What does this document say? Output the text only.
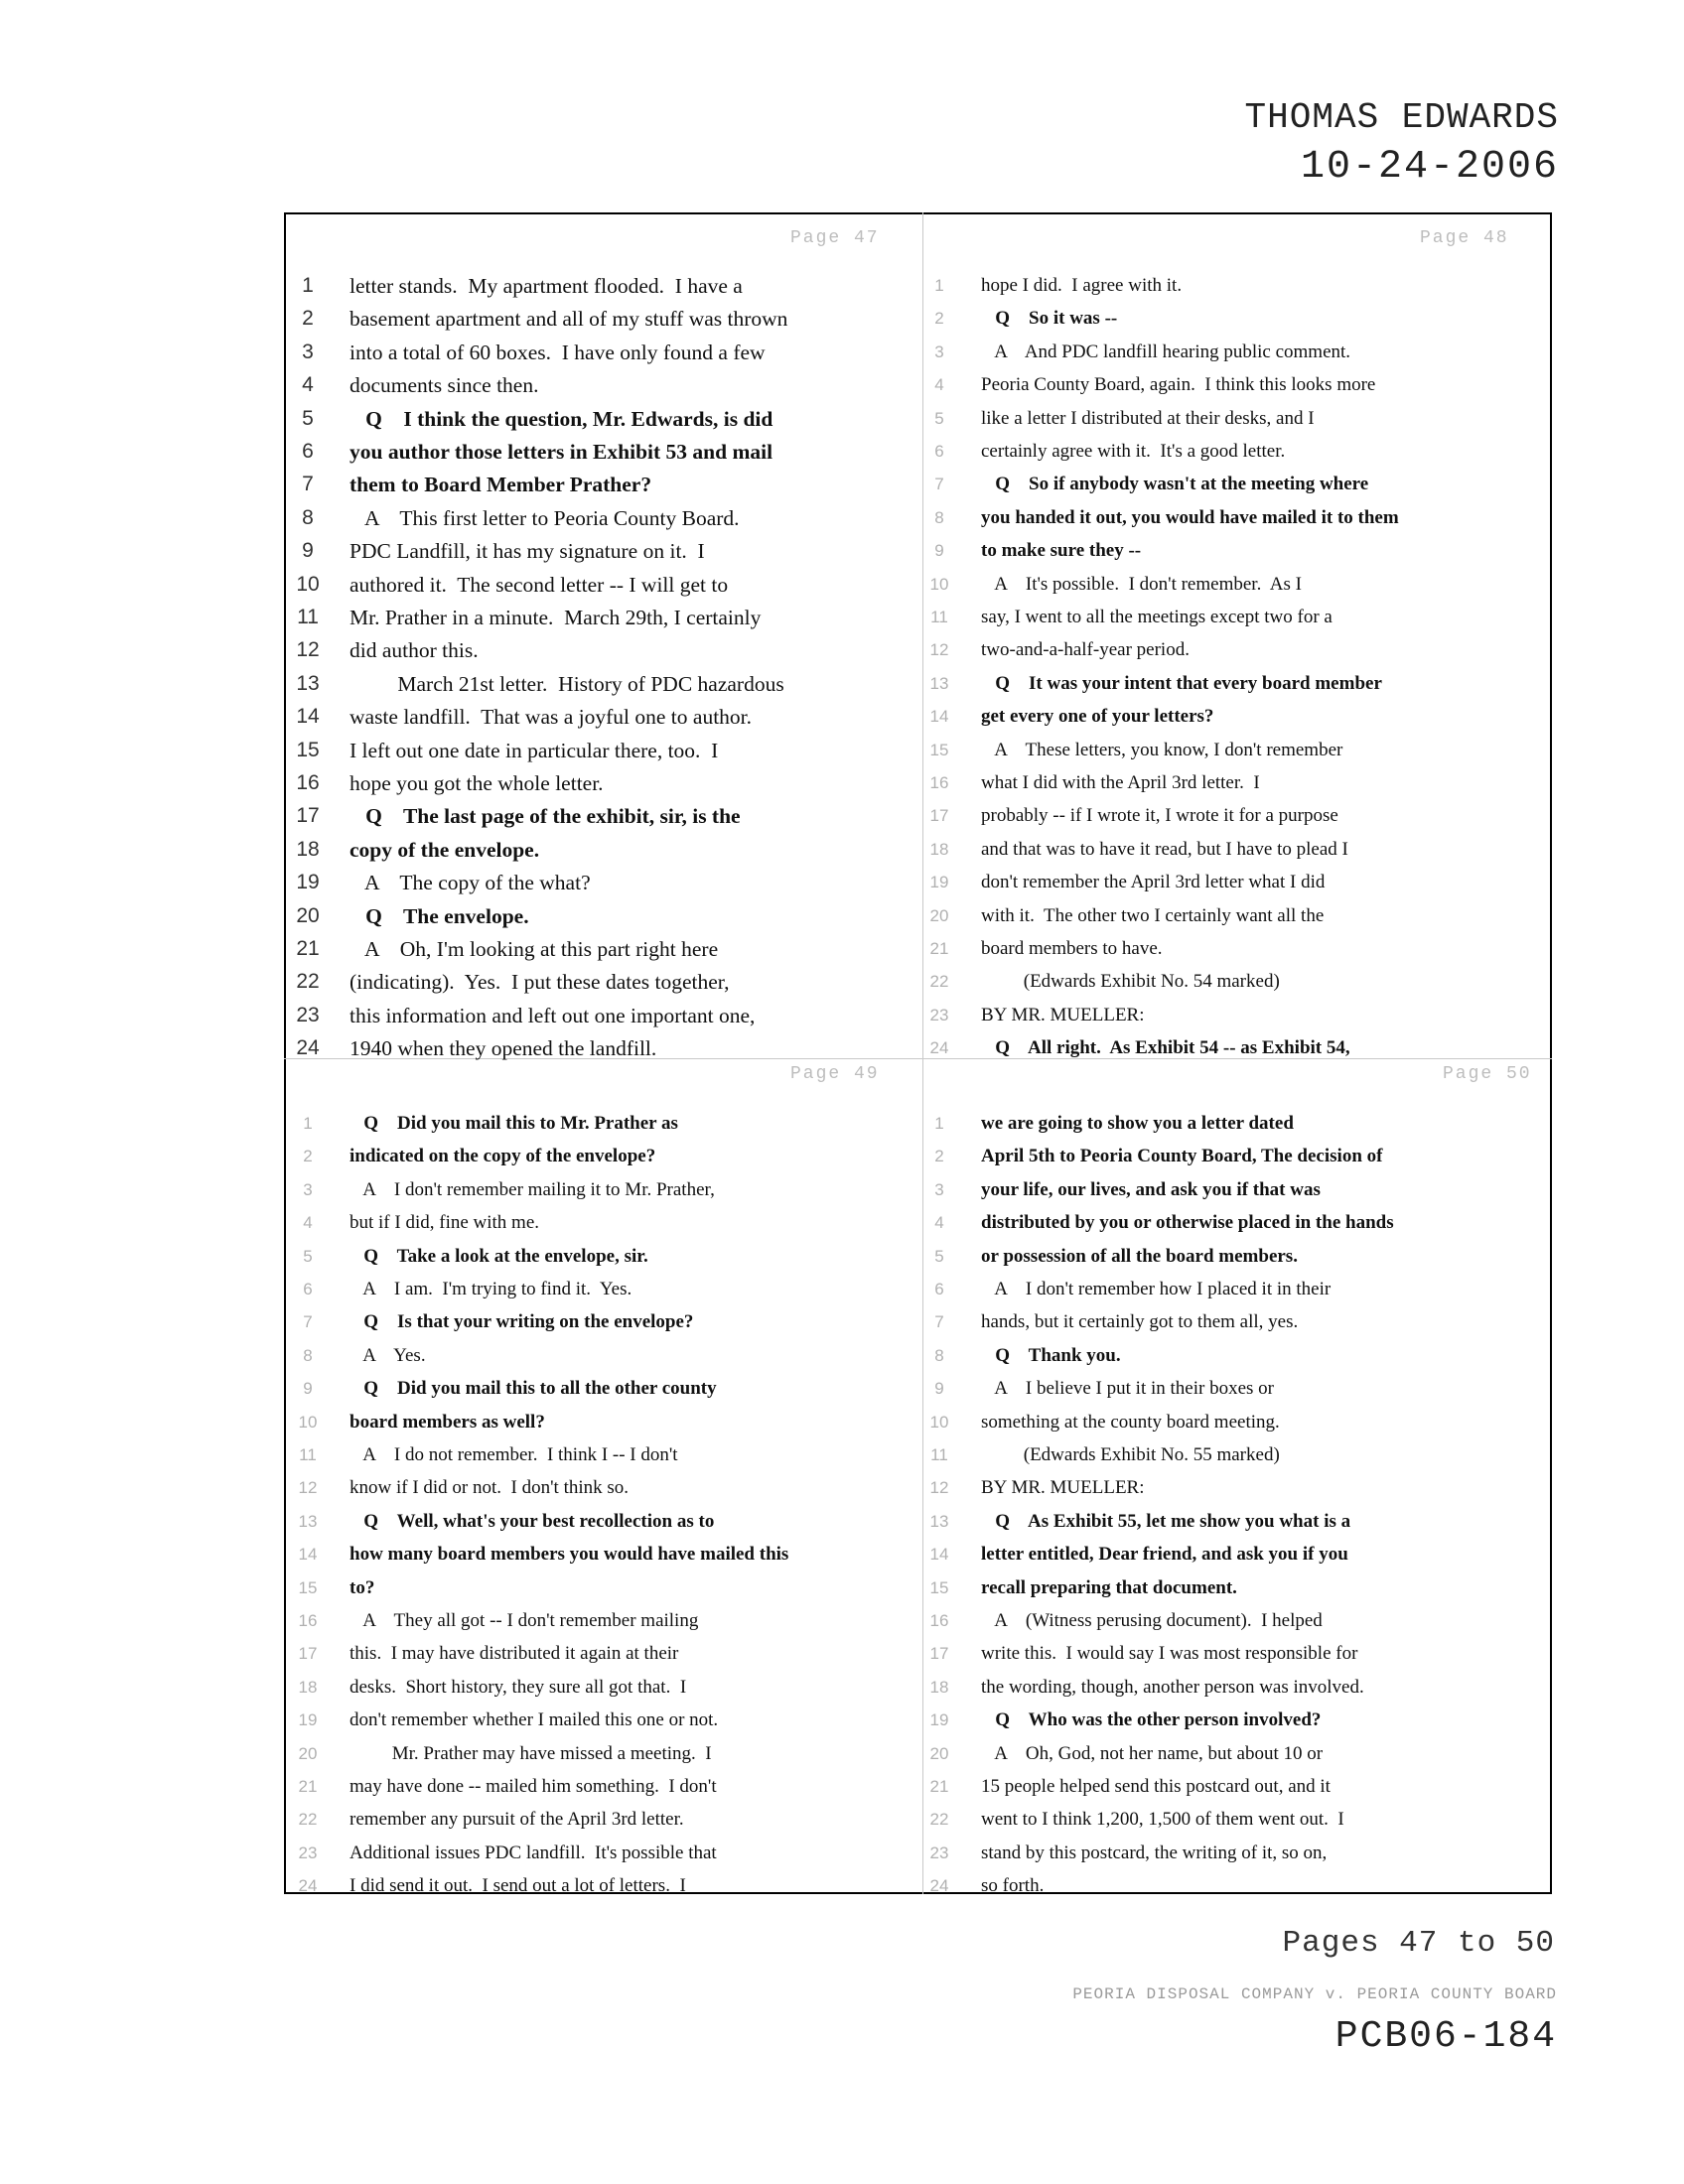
THOMAS EDWARDS
10-24-2006
Page 47	Page 48
Page 49	Page 50
1	letter stands.  My apartment flooded.  I have a
2	basement apartment and all of my stuff was thrown
3	into a total of 60 boxes.  I have only found a few
4	documents since then.
5	Q    I think the question, Mr. Edwards, is did
6	you author those letters in Exhibit 53 and mail
7	them to Board Member Prather?
8	A    This first letter to Peoria County Board.
9	PDC Landfill, it has my signature on it.  I
10 authored it.  The second letter -- I will get to
11 Mr. Prather in a minute.  March 29th, I certainly
12 did author this.
13 March 21st letter.  History of PDC hazardous
14 waste landfill.  That was a joyful one to author.
15 I left out one date in particular there, too.  I
16 hope you got the whole letter.
17 Q    The last page of the exhibit, sir, is the
18 copy of the envelope.
19 A    The copy of the what?
20 Q    The envelope.
21 A    Oh, I'm looking at this part right here
22 (indicating).  Yes.  I put these dates together,
23 this information and left out one important one,
24 1940 when they opened the landfill.
1	hope I did.  I agree with it.
2	Q    So it was --
3	A    And PDC landfill hearing public comment.
4	Peoria County Board, again.  I think this looks more
5	like a letter I distributed at their desks, and I
6	certainly agree with it.  It's a good letter.
7	Q    So if anybody wasn't at the meeting where
8	you handed it out, you would have mailed it to them
9	to make sure they --
10	A    It's possible.  I don't remember.  As I
11	say, I went to all the meetings except two for a
12	two-and-a-half-year period.
13	Q    It was your intent that every board member
14	get every one of your letters?
15	A    These letters, you know, I don't remember
16	what I did with the April 3rd letter.  I
17	probably -- if I wrote it, I wrote it for a purpose
18	and that was to have it read, but I have to plead I
19	don't remember the April 3rd letter what I did
20	with it.  The other two I certainly want all the
21	board members to have.
22	(Edwards Exhibit No. 54 marked)
23	BY MR. MUELLER:
24	Q    All right.  As Exhibit 54 -- as Exhibit 54,
1	Q    Did you mail this to Mr. Prather as
2	indicated on the copy of the envelope?
3	A    I don't remember mailing it to Mr. Prather,
4	but if I did, fine with me.
5	Q    Take a look at the envelope, sir.
6	A    I am.  I'm trying to find it.  Yes.
7	Q    Is that your writing on the envelope?
8	A    Yes.
9	Q    Did you mail this to all the other county
10	board members as well?
11	A    I do not remember.  I think I -- I don't
12	know if I did or not.  I don't think so.
13	Q    Well, what's your best recollection as to
14	how many board members you would have mailed this
15	to?
16	A    They all got -- I don't remember mailing
17	this.  I may have distributed it again at their
18	desks.  Short history, they sure all got that.  I
19	don't remember whether I mailed this one or not.
20	Mr. Prather may have missed a meeting.  I
21	may have done -- mailed him something.  I don't
22	remember any pursuit of the April 3rd letter.
23	Additional issues PDC landfill.  It's possible that
24	I did send it out.  I send out a lot of letters.  I
1	we are going to show you a letter dated
2	April 5th to Peoria County Board, The decision of
3	your life, our lives, and ask you if that was
4	distributed by you or otherwise placed in the hands
5	or possession of all the board members.
6	A    I don't remember how I placed it in their
7	hands, but it certainly got to them all, yes.
8	Q    Thank you.
9	A    I believe I put it in their boxes or
10	something at the county board meeting.
11	(Edwards Exhibit No. 55 marked)
12	BY MR. MUELLER:
13	Q    As Exhibit 55, let me show you what is a
14	letter entitled, Dear friend, and ask you if you
15	recall preparing that document.
16	A    (Witness perusing document).  I helped
17	write this.  I would say I was most responsible for
18	the wording, though, another person was involved.
19	Q    Who was the other person involved?
20	A    Oh, God, not her name, but about 10 or
21	15 people helped send this postcard out, and it
22	went to I think 1,200, 1,500 of them went out.  I
23	stand by this postcard, the writing of it, so on,
24	so forth.
Pages 47 to 50
PEORIA DISPOSAL COMPANY v. PEORIA COUNTY BOARD
PCB06-184
